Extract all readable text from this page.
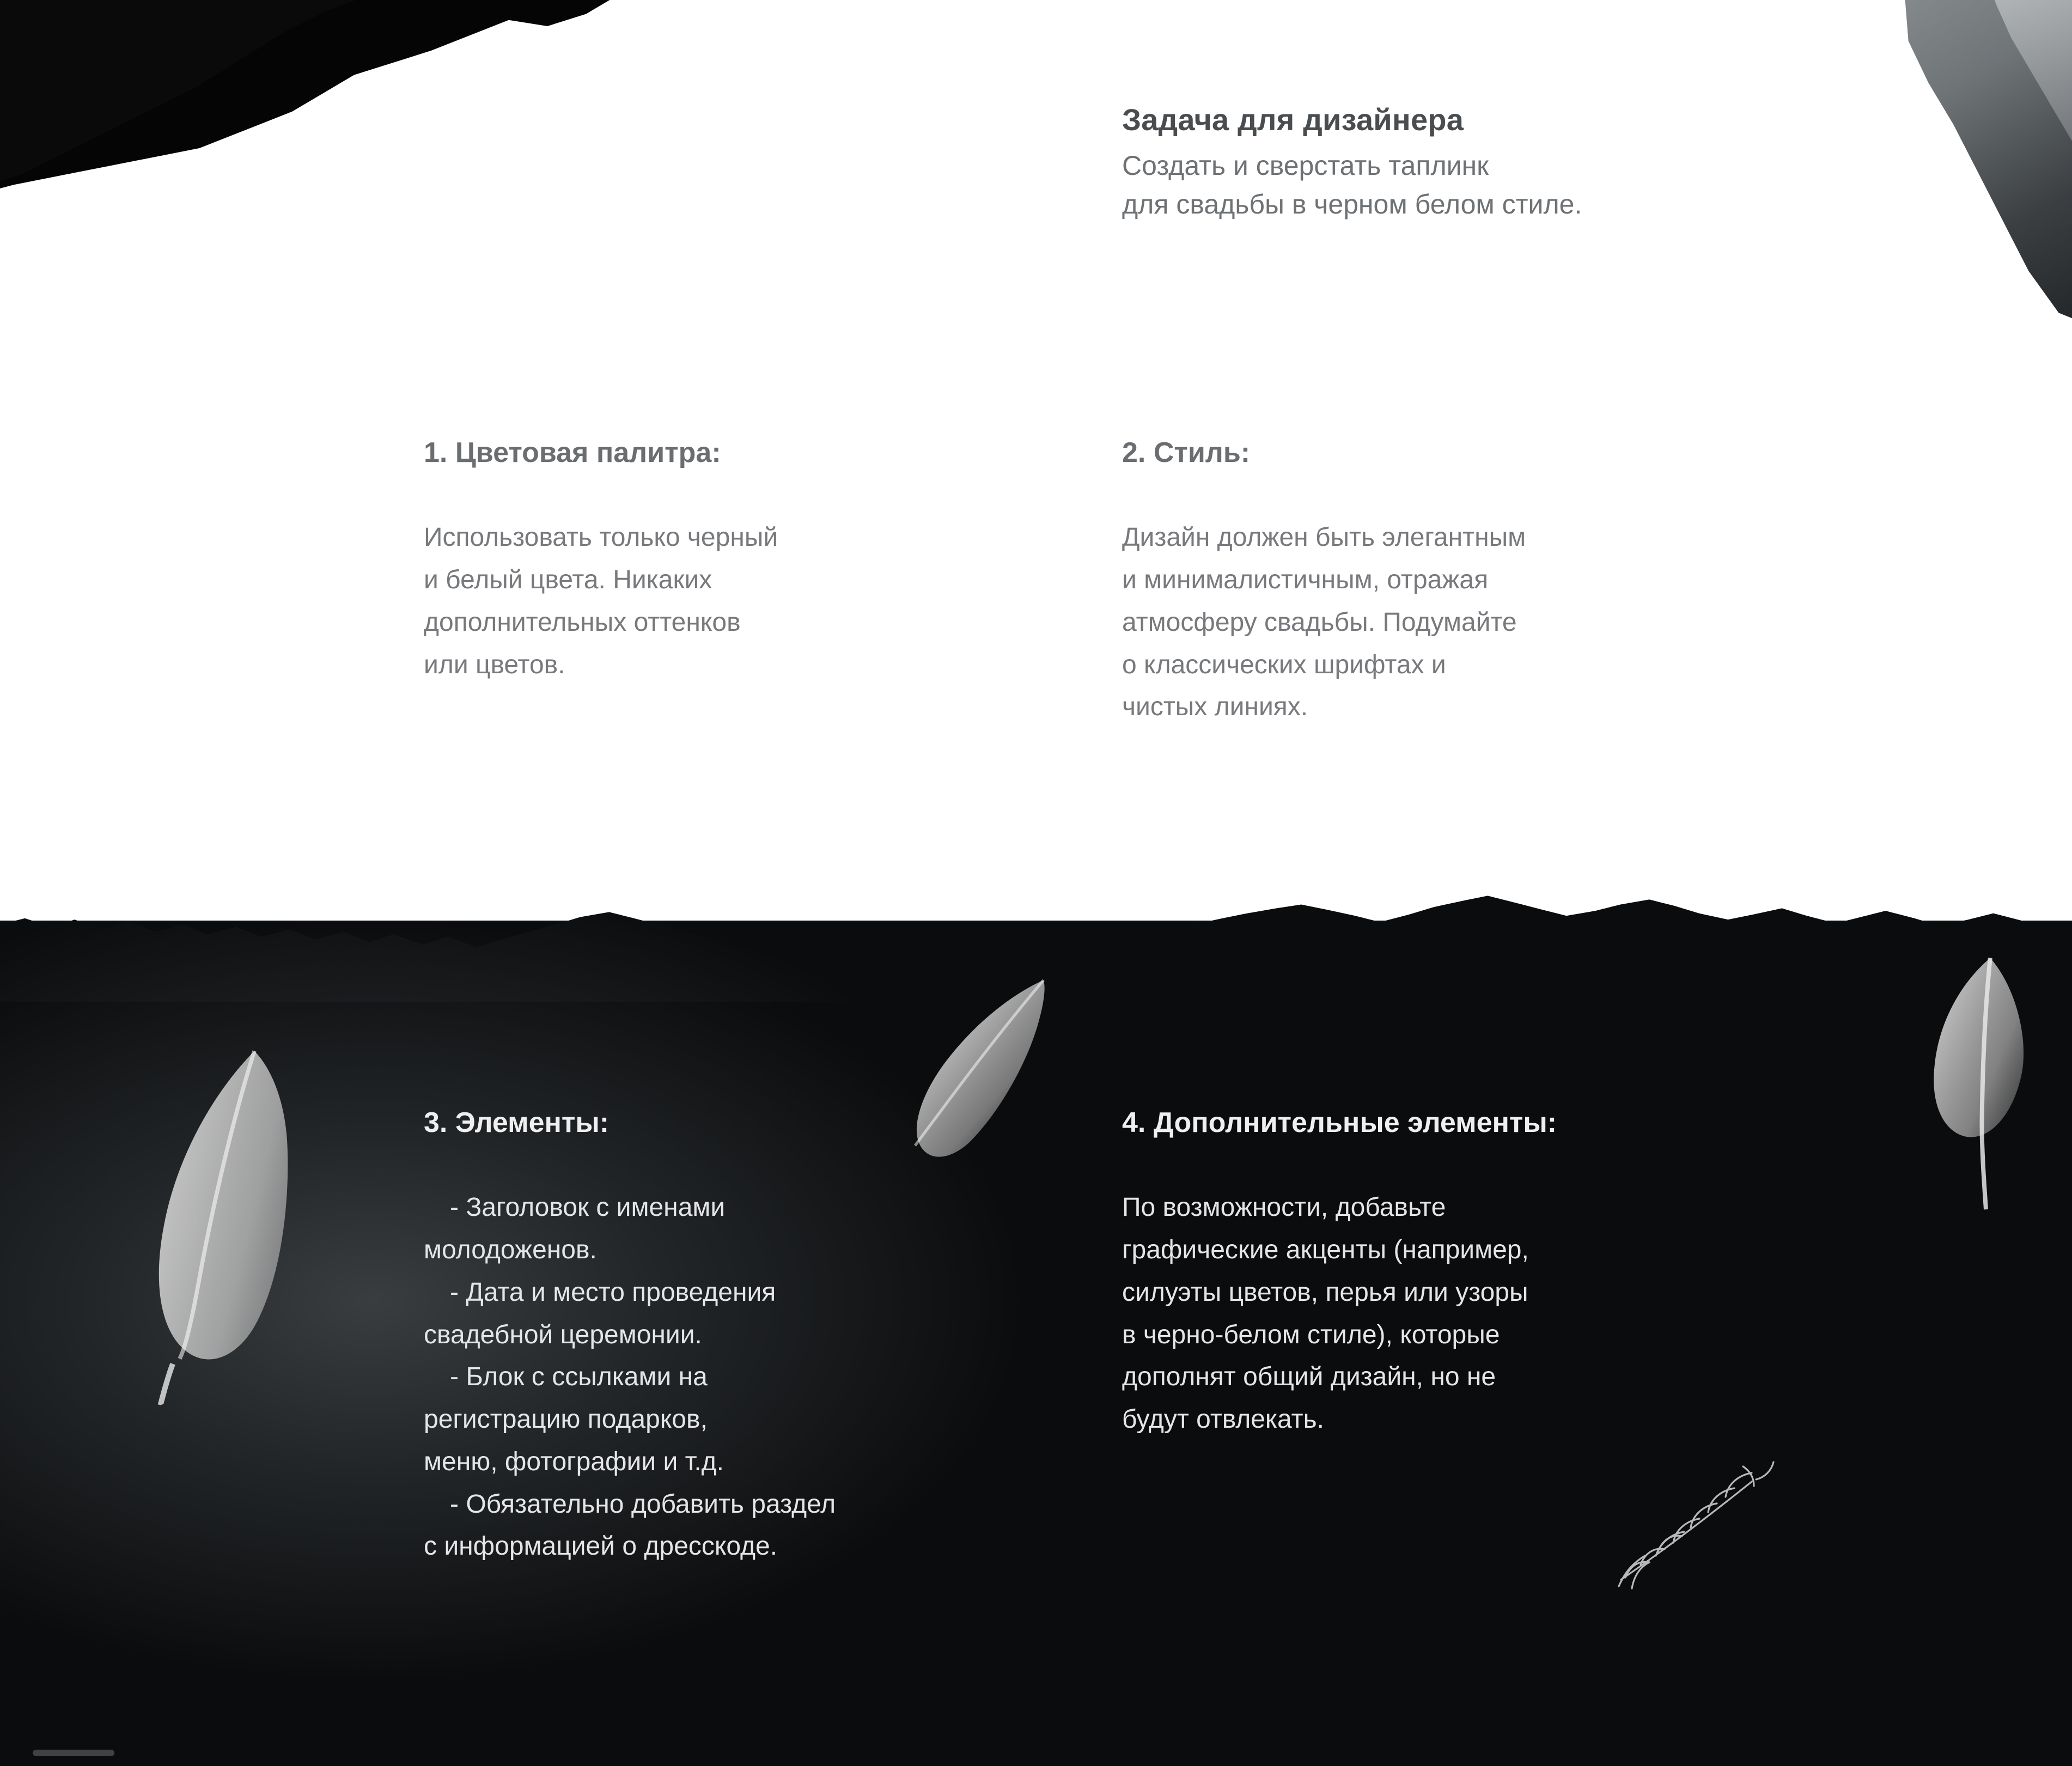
Задача для дизайнера
Создать и сверстать таплинк
для свадьбы в черном белом стиле.
1. Цветовая палитра:

Использовать только черный

и белый цвета. Никаких

дополнительных оттенков

или цветов.

2. Стиль:

Дизайн должен быть элегантным

и минималистичным, отражая

атмосферу свадьбы. Подумайте

о классических шрифтах и

чистых линиях.

3. Элементы:

- Заголовок с именами

молодоженов.

- Дата и место проведения

свадебной церемонии.

- Блок с ссылками на

регистрацию подарков,

меню, фотографии и т.д.

- Обязательно добавить раздел

с информацией о дресскоде.

4. Дополнительные элементы:

По возможности, добавьте

графические акценты (например,

силуэты цветов, перья или узоры

в черно-белом стиле), которые

дополнят общий дизайн, но не

будут отвлекать.
